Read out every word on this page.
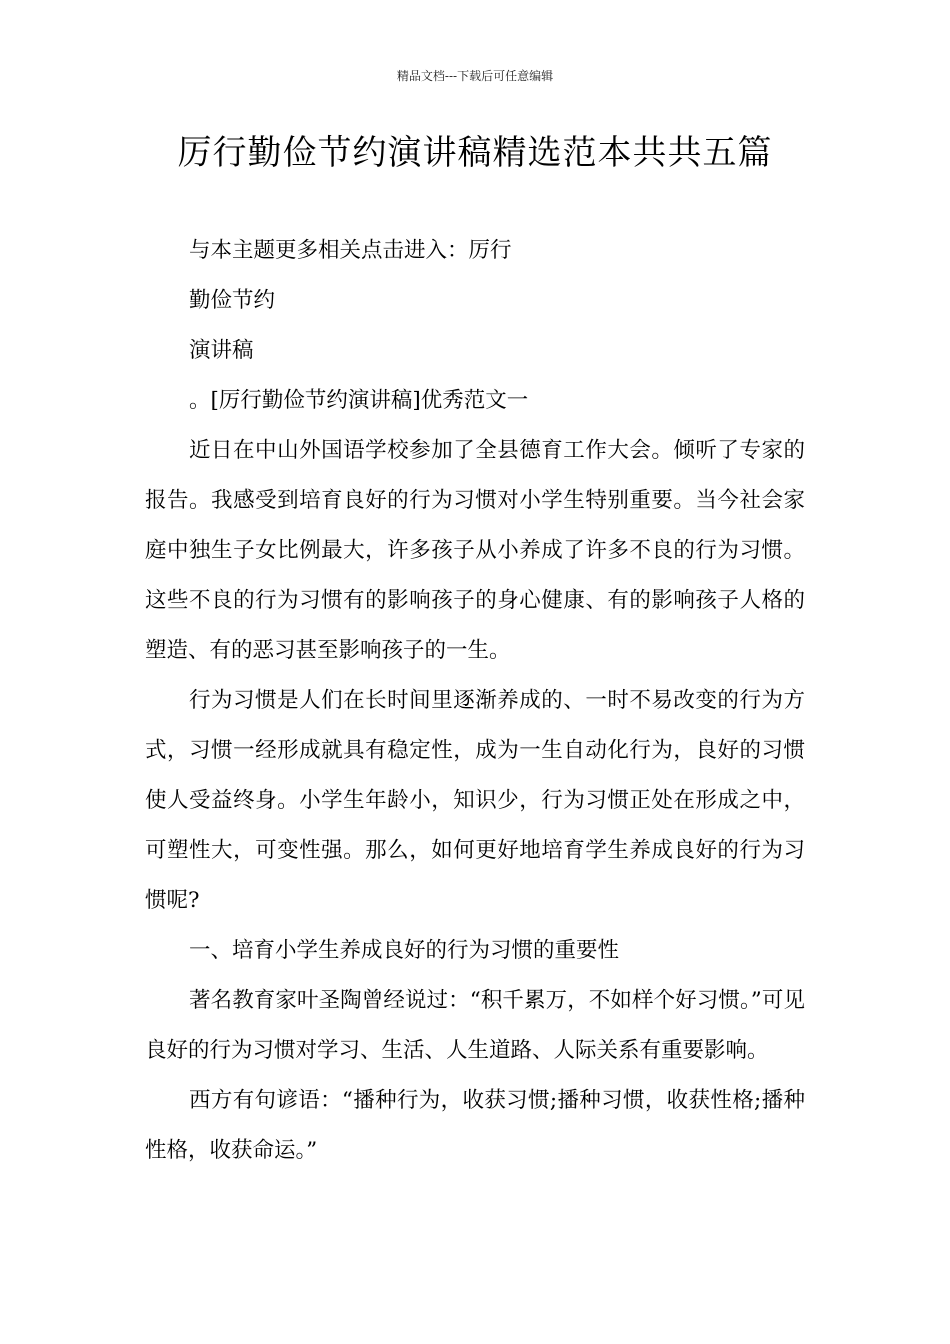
精品文档---下载后可任意编辑
厉行勤俭节约演讲稿精选范本共共五篇

与本主题更多相关点击进入：厉行

勤俭节约

演讲稿

。[厉行勤俭节约演讲稿]优秀范文一

近日在中山外国语学校参加了全县德育工作大会。倾听了专家的报告。我感受到培育良好的行为习惯对小学生特别重要。当今社会家庭中独生子女比例最大，许多孩子从小养成了许多不良的行为习惯。这些不良的行为习惯有的影响孩子的身心健康、有的影响孩子人格的塑造、有的恶习甚至影响孩子的一生。

行为习惯是人们在长时间里逐渐养成的、一时不易改变的行为方式，习惯一经形成就具有稳定性，成为一生自动化行为，良好的习惯使人受益终身。小学生年龄小，知识少，行为习惯正处在形成之中，可塑性大，可变性强。那么，如何更好地培育学生养成良好的行为习惯呢?

一、培育小学生养成良好的行为习惯的重要性

著名教育家叶圣陶曾经说过：“积千累万，不如样个好习惯。”可见良好的行为习惯对学习、生活、人生道路、人际关系有重要影响。

西方有句谚语：“播种行为，收获习惯;播种习惯，收获性格;播种性格，收获命运。”
